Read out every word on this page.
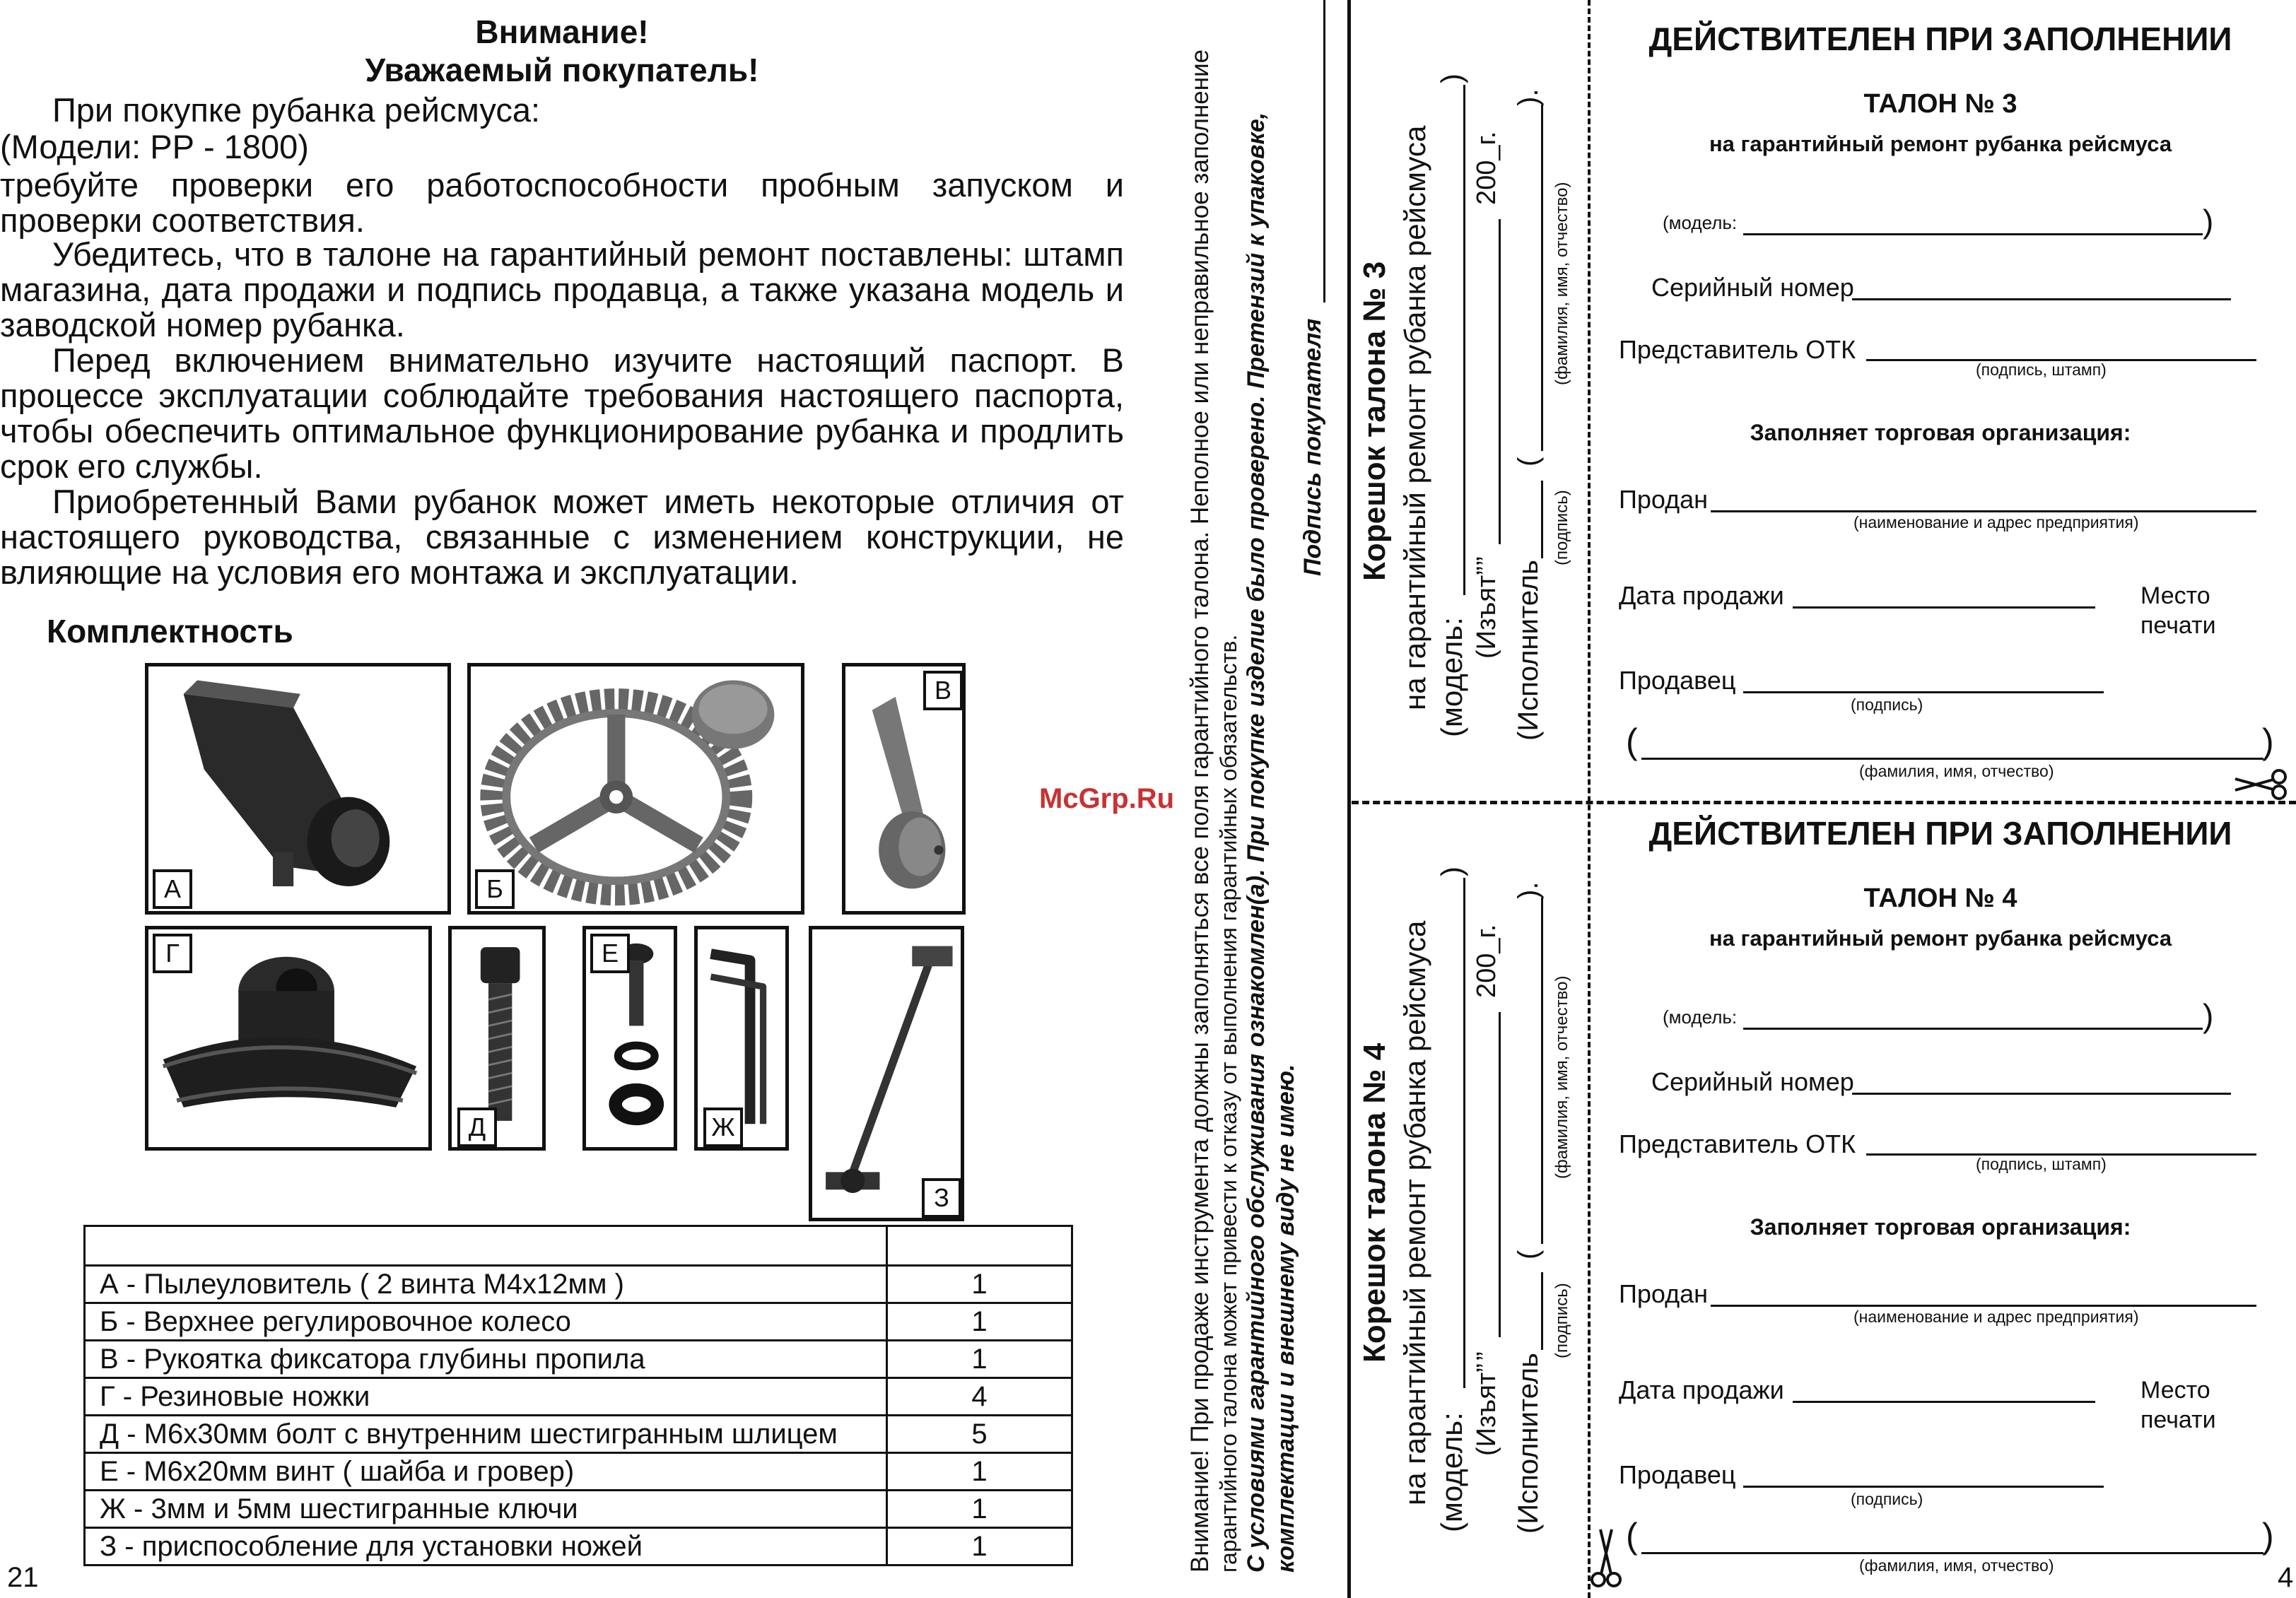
Внимание!
Уважаемый покупатель!
При покупке рубанка рейсмуса:
(Модели: РР - 1800)
требуйте проверки его работоспособности пробным запуском и проверки соответствия.
Убедитесь, что в талоне на гарантийный ремонт поставлены: штамп магазина, дата продажи и подпись продавца, а также указана модель и заводской номер рубанка.
Перед включением внимательно изучите настоящий паспорт. В процессе эксплуатации соблюдайте требования настоящего паспорта, чтобы обеспечить оптимальное функционирование рубанка и продлить срок его службы.
Приобретенный Вами рубанок может иметь некоторые отличия от настоящего руководства, связанные с изменением конструкции, не влияющие на условия его монтажа и эксплуатации.
Комплектность
А	Б
В
Г
Д
Е
Ж
З

А - Пылеуловитель ( 2 винта М4х12мм )	1
Б - Верхнее регулировочное колесо	1
В - Рукоятка фиксатора глубины пропила	1
Г - Резиновые ножки	4
Д - М6х30мм болт с внутренним шестигранным шлицем	5
Е - М6х20мм винт ( шайба и гровер)	1
Ж - 3мм и 5мм шестигранные ключи	1
З - приспособление для установки ножей	1
21
Внимание! При продаже инструмента должны заполняться все поля гарантийного талона. Неполное или неправильное заполнение гарантийного талона может привести к отказу от выполнения гарантийных обязательств. С условиями гарантийного обслуживания ознакомлен(а). При покупке изделие было проверено. Претензий к упаковке, комплектации и внешнему виду не имею.
Подпись покупателя
McGrp.Ru
Корешок талона № 3 на гарантийный ремонт рубанка рейсмуса (модель:
)
(Изъят”
”
200_г.
(Исполнитель
(
).
(подпись)
(фамилия, имя, отчество)
Корешок талона № 4 на гарантийный ремонт рубанка рейсмуса (модель:
)
(Изъят”
”
200_г.
(Исполнитель
(
).
(подпись)
(фамилия, имя, отчество)
ДЕЙСТВИТЕЛЕН ПРИ ЗАПОЛНЕНИИ
ТАЛОН № 3
на гарантийный ремонт рубанка рейсмуса
(модель:	)
Серийный номер
Представитель ОТК
(подпись, штамп)
Заполняет торговая организация:
Продан
(наименование и адрес предприятия)
Дата продажи	Место
печати
Продавец
(подпись)
(	)
(фамилия, имя, отчество)
ДЕЙСТВИТЕЛЕН ПРИ ЗАПОЛНЕНИИ
ТАЛОН № 4
на гарантийный ремонт рубанка рейсмуса
(модель:	)
Серийный номер
Представитель ОТК
(подпись, штамп)
Заполняет торговая организация:
Продан
(наименование и адрес предприятия)
Дата продажи	Место
печати
Продавец
(подпись)
(	)
(фамилия, имя, отчество)	4
